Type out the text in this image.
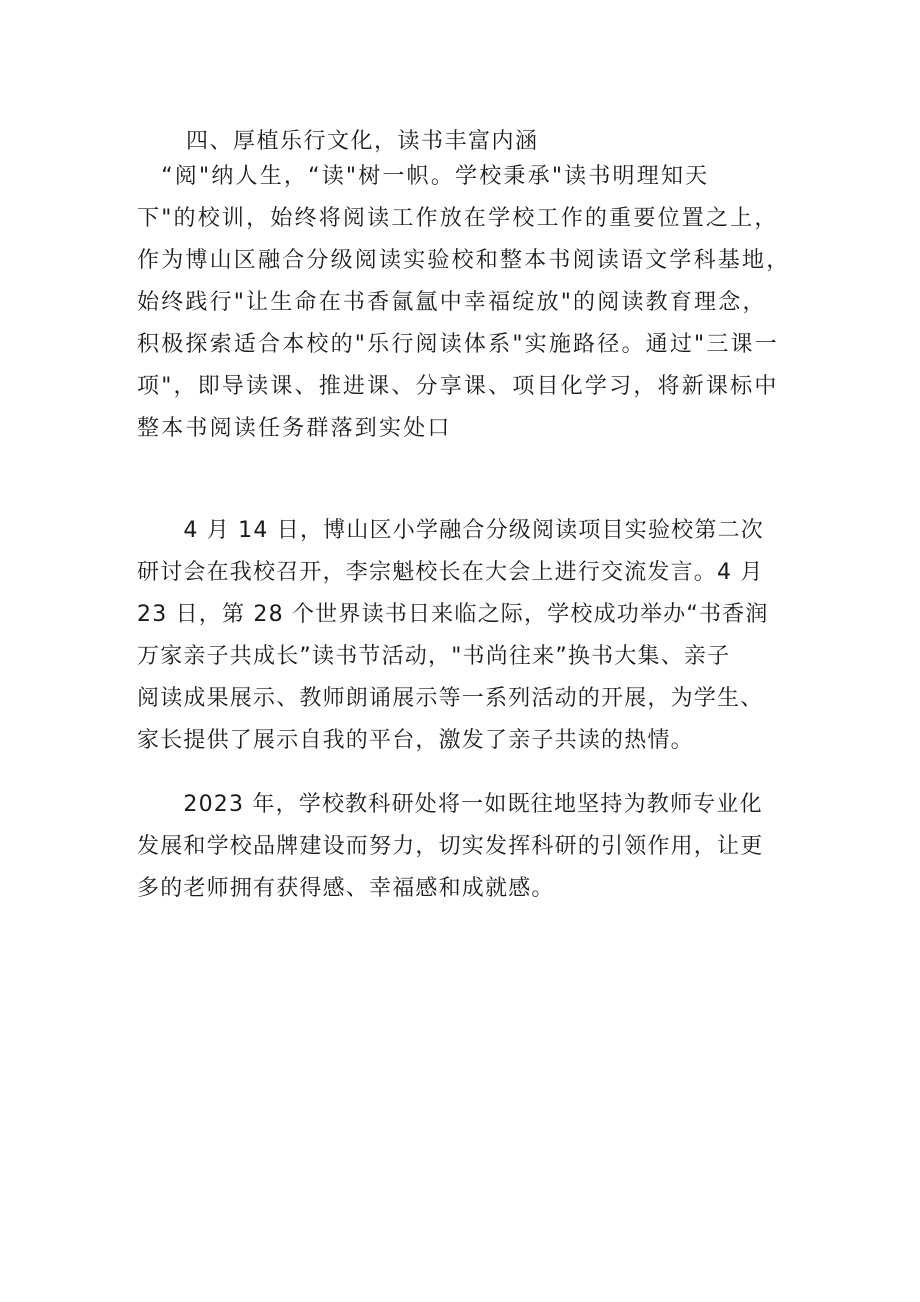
四、厚植乐行文化，读书丰富内涵
　“阅"纳人生，“读"树一帜。学校秉承"读书明理知天
下"的校训，始终将阅读工作放在学校工作的重要位置之上，
作为博山区融合分级阅读实验校和整本书阅读语文学科基地，
始终践行"让生命在书香氤氲中幸福绽放"的阅读教育理念，
积极探索适合本校的"乐行阅读体系"实施路径。通过"三课一
项"，即导读课、推进课、分享课、项目化学习，将新课标中
整本书阅读任务群落到实处口
　　4 月 14 日，博山区小学融合分级阅读项目实验校第二次
研讨会在我校召开，李宗魁校长在大会上进行交流发言。4 月
23 日，第 28 个世界读书日来临之际，学校成功举办“书香润
万家亲子共成长”读书节活动，"书尚往来”换书大集、亲子
阅读成果展示、教师朗诵展示等一系列活动的开展，为学生、
家长提供了展示自我的平台，激发了亲子共读的热情。
　　2023 年，学校教科研处将一如既往地坚持为教师专业化
发展和学校品牌建设而努力，切实发挥科研的引领作用，让更
多的老师拥有获得感、幸福感和成就感。
